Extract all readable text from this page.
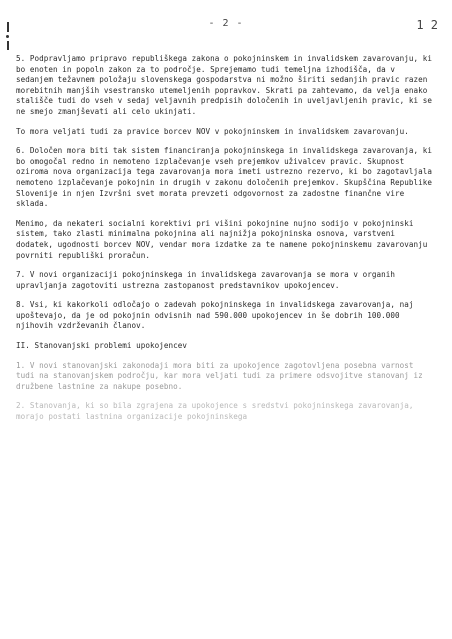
- 2 -	1 2

5. Podpravljamo pripravo republiškega zakona o pokojninskem in invalidskem zavarovanju, ki bo enoten in popoln zakon za to področje. Sprejemamo tudi temeljna izhodišča, da v sedanjem težavnem položaju slovenskega gospodarstva ni možno širiti sedanjih pravic razen morebitnih manjših vsestransko utemeljenih popravkov. Skrati pa zahtevamo, da velja enako stališče tudi do vseh v sedaj veljavnih predpisih določenih in uveljavljenih pravic, ki se ne smejo zmanjševati ali celo ukinjati.

To mora veljati tudi za pravice borcev NOV v pokojninskem in invalidskem zavarovanju.

6. Določen mora biti tak sistem financiranja pokojninskega in invalidskega zavarovanja, ki bo omogočal redno in nemoteno izplačevanje vseh prejemkov uživalcev pravic. Skupnost oziroma nova organizacija tega zavarovanja mora imeti ustrezno rezervo, ki bo zagotavljala nemoteno izplačevanje pokojnin in drugih v zakonu določenih prejemkov. Skupščina Republike Slovenije in njen Izvršni svet morata prevzeti odgovornost za zadostne finančne vire sklada.

Menimo, da nekateri socialni korektivi pri višini pokojnine nujno sodijo v pokojninski sistem, tako zlasti minimalna pokojnina ali najnižja pokojninska osnova, varstveni dodatek, ugodnosti borcev NOV, vendar mora izdatke za te namene pokojninskemu zavarovanju povrniti republiški proračun.

7. V novi organizaciji pokojninskega in invalidskega zavarovanja se mora v organih upravljanja zagotoviti ustrezna zastopanost predstavnikov upokojencev.

8. Vsi, ki kakorkoli odločajo o zadevah pokojninskega in invalidskega zavarovanja, naj upoštevajo, da je od pokojnin odvisnih nad 590.000 upokojencev in še dobrih 100.000 njihovih vzdrževanih članov.

II. Stanovanjski problemi upokojencev

1. V novi stanovanjski zakonodaji mora biti za upokojence zagotovljena posebna varnost tudi na stanovanjskem področju, kar mora veljati tudi za primere odsvojitve stanovanj iz družbene lastnine za nakupe posebno.

2. Stanovanja, ki so bila zgrajena za upokojence s sredstvi pokojninskega zavarovanja, morajo postati lastnina organizacije pokojninskega
